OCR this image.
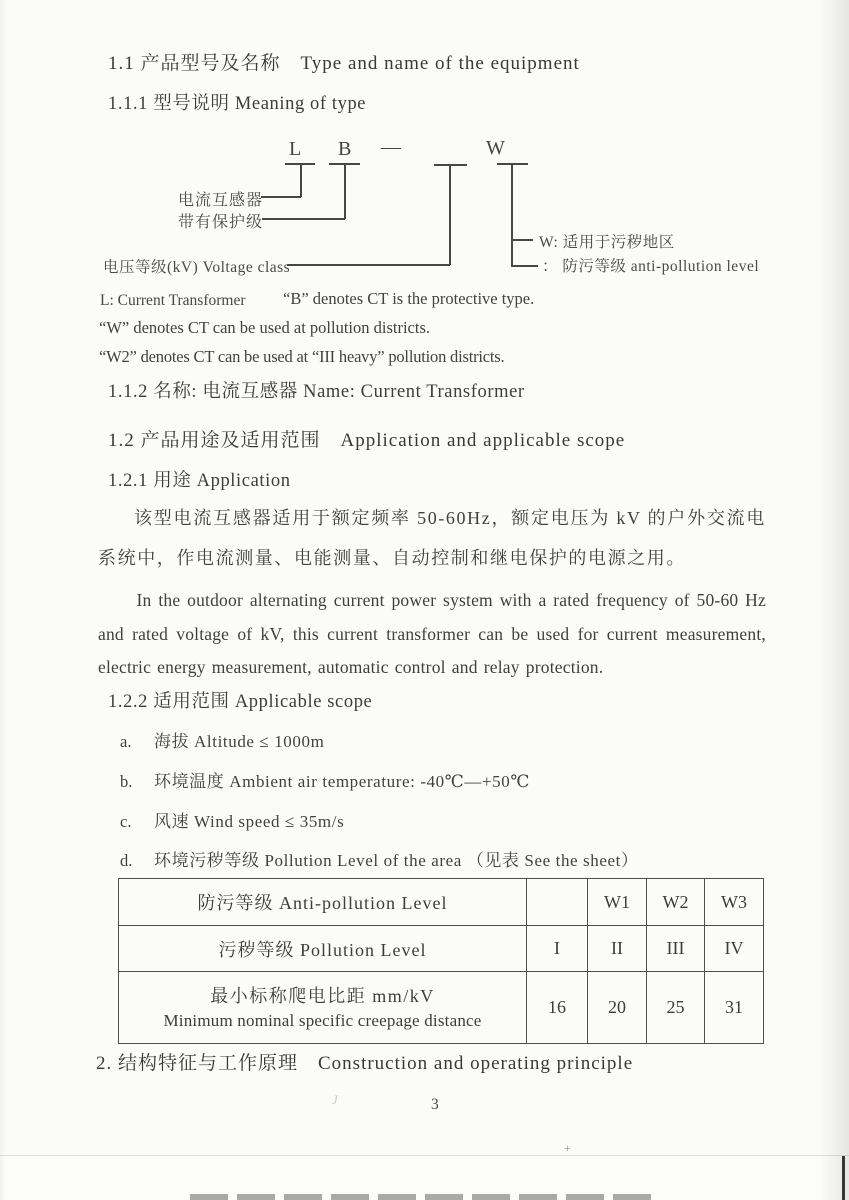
1.1 产品型号及名称　Type and name of the equipment
1.1.1 型号说明 Meaning of type
L B —	W
电流互感器
带有保护级
电压等级(kV) Voltage class
W: 适用于污秽地区
： 防污等级 anti-pollution level
L: Current Transformer “B” denotes CT is the protective type.
“W” denotes CT can be used at pollution districts.
“W2” denotes CT can be used at “III heavy” pollution districts.
1.1.2 名称: 电流互感器 Name: Current Transformer
1.2 产品用途及适用范围　Application and applicable scope
1.2.1 用途 Application
该型电流互感器适用于额定频率 50-60Hz，额定电压为 kV 的户外交流电系统中，作电流测量、电能测量、自动控制和继电保护的电源之用。
In the outdoor alternating current power system with a rated frequency of 50-60 Hz and rated voltage of kV, this current transformer can be used for current measurement, electric energy measurement, automatic control and relay protection.
1.2.2 适用范围 Applicable scope
a. 海拔 Altitude ≤ 1000m
b. 环境温度 Ambient air temperature: -40℃—+50℃
c. 风速 Wind speed ≤ 35m/s
d. 环境污秽等级 Pollution Level of the area （见表 See the sheet）
防污等级 Anti-pollution Level		W1	W2	W3
污秽等级 Pollution Level	I	II	III	IV

最小标称爬电比距 mm/kV
Minimum nominal specific creepage distance	16	20	25	31
2. 结构特征与工作原理　Construction and operating principle
3
J
+
